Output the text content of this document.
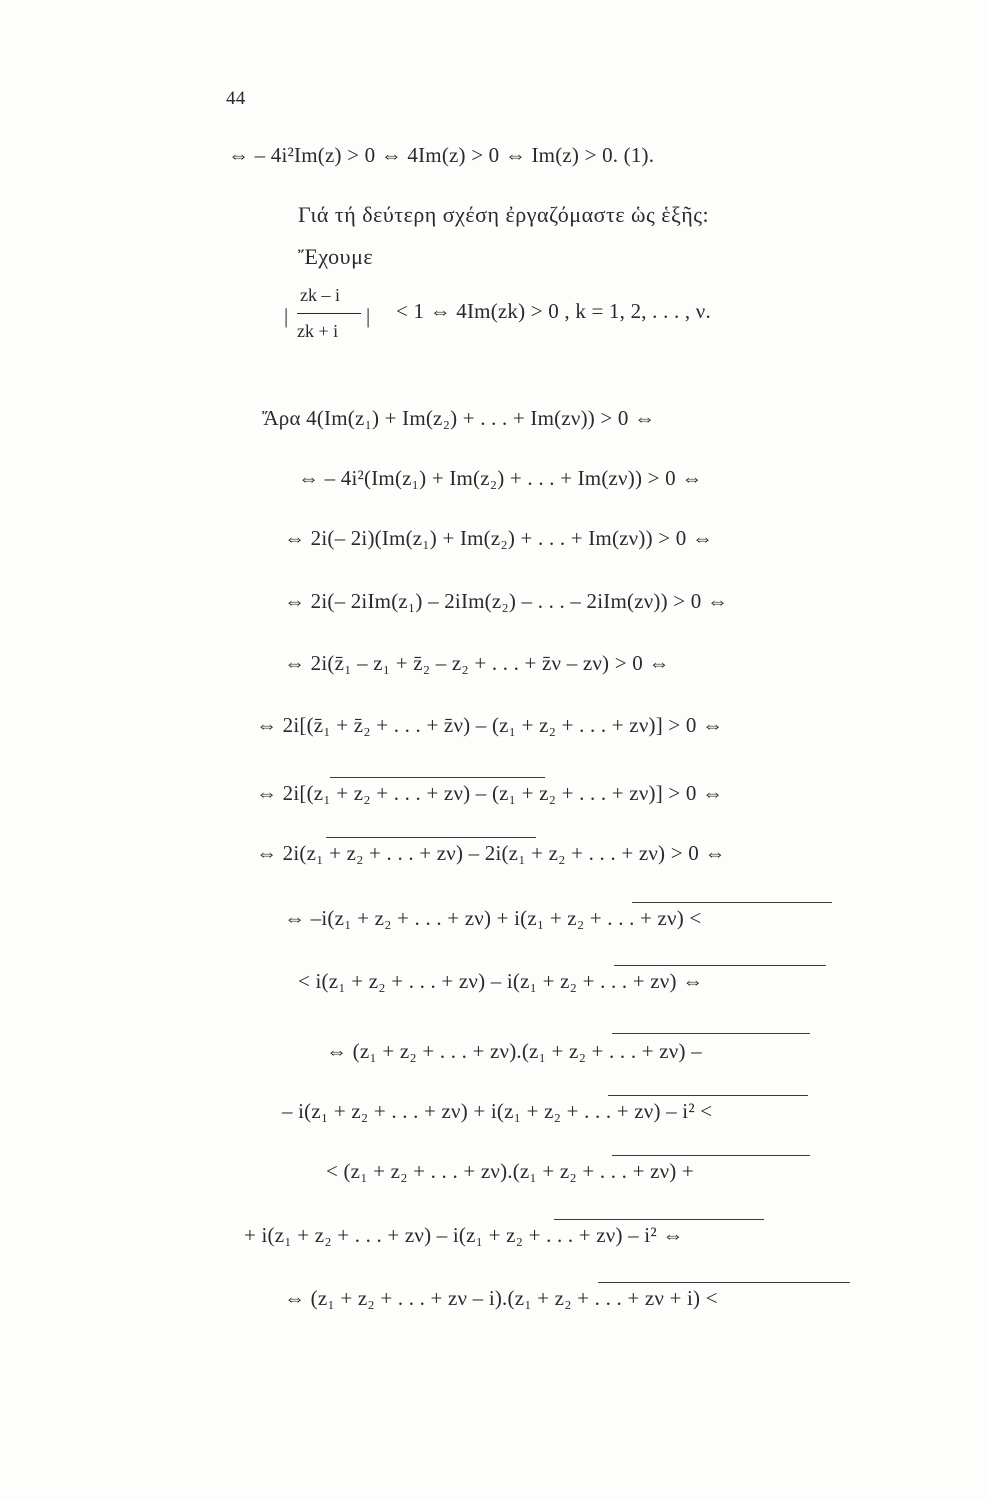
44
⇔ – 4i²Im(z) > 0 ⇔ 4Im(z) > 0 ⇔ Im(z) > 0. (1).
Γιά τή δεύτερη σχέση ἐργαζόμαστε ὡς ἑξῆς:
Ἔχουμε
|
zk – i
zk + i
| < 1 ⇔ 4Im(zk) > 0 , k = 1, 2, . . . , ν.
Ἄρα 4(Im(z₁) + Im(z₂) + . . . + Im(zν)) > 0 ⇔
⇔ – 4i²(Im(z₁) + Im(z₂) + . . . + Im(zν)) > 0 ⇔
⇔ 2i(– 2i)(Im(z₁) + Im(z₂) + . . . + Im(zν)) > 0 ⇔
⇔ 2i(– 2iIm(z₁) – 2iIm(z₂) – . . . – 2iIm(zν)) > 0 ⇔
⇔ 2i(z̄₁ – z₁ + z̄₂ – z₂ + . . . + z̄ν – zν) > 0 ⇔
⇔ 2i[(z̄₁ + z̄₂ + . . . + z̄ν) – (z₁ + z₂ + . . . + zν)] > 0 ⇔
⇔ 2i[(z₁ + z₂ + . . . + zν) – (z₁ + z₂ + . . . + zν)] > 0 ⇔
⇔ 2i(z₁ + z₂ + . . . + zν) – 2i(z₁ + z₂ + . . . + zν) > 0 ⇔
⇔ –i(z₁ + z₂ + . . . + zν) + i(z₁ + z₂ + . . . + zν) <
< i(z₁ + z₂ + . . . + zν) – i(z₁ + z₂ + . . . + zν) ⇔
⇔ (z₁ + z₂ + . . . + zν).(z₁ + z₂ + . . . + zν) –
– i(z₁ + z₂ + . . . + zν) + i(z₁ + z₂ + . . . + zν) – i² <
< (z₁ + z₂ + . . . + zν).(z₁ + z₂ + . . . + zν) +
+ i(z₁ + z₂ + . . . + zν) – i(z₁ + z₂ + . . . + zν) – i² ⇔
⇔ (z₁ + z₂ + . . . + zν – i).(z₁ + z₂ + . . . + zν + i) <
